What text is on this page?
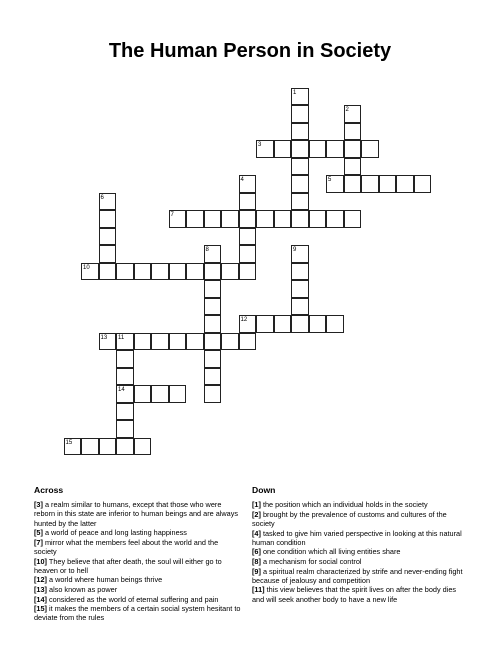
The Human Person in Society
1
2
3
4	5
6
7
8	9
10
11
12
13
14
15
Across
[3] a realm similar to humans, except that those who were reborn in this state are inferior to human beings and are always hunted by the latter
[5] a world of peace and long lasting happiness
[7] mirror what the members feel about the world and the society
[10] They believe that after death, the soul will either go to heaven or to hell
[12] a world where human beings thrive
[13] also known as power
[14] considered as the world of eternal suffering and pain
[15] it makes the members of a certain social system hesitant to deviate from the rules
Down
[1] the position which an individual holds in the society
[2] brought by the prevalence of customs and cultures of the society
[4] tasked to give him varied perspective in looking at this natural human condition
[6] one condition which all living entities share
[8] a mechanism for social control
[9] a spiritual realm characterized by strife and never-ending fight because of jealousy and competition
[11] this view believes that the spirit lives on after the body dies and will seek another body to have a new life
